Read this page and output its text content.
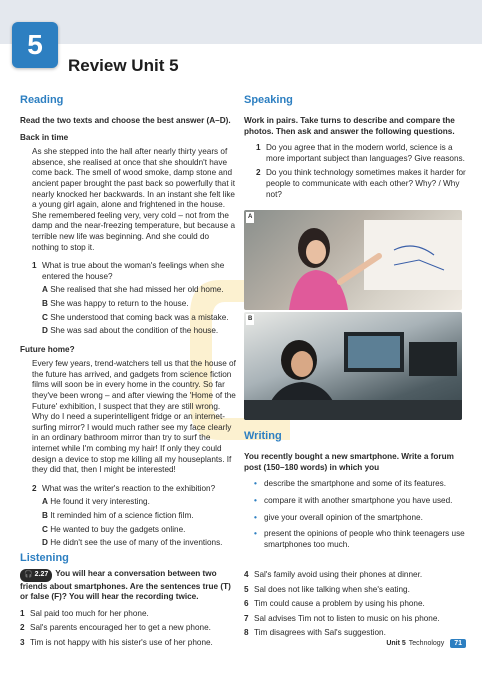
5
Review Unit 5
Reading

Read the two texts and choose the best answer (A–D).

Back in time

As she stepped into the hall after nearly thirty years of absence, she realised at once that she shouldn't have come back. The smell of wood smoke, damp stone and ancient paper brought the past back so powerfully that it nearly knocked her backwards. In an instant she felt like a young girl again, alone and frightened in the house. She remembered feeling very, very cold – not from the damp and the near-freezing temperature, but because a terrible new life was beginning. And she could do nothing to stop it.

1 What is true about the woman's feelings when she entered the house?
A She realised that she had missed her old home.
B She was happy to return to the house.
C She understood that coming back was a mistake.
D She was sad about the condition of the house.

Future home?

Every few years, trend-watchers tell us that the house of the future has arrived, and gadgets from science fiction films will soon be in every home in the country. So far they've been wrong – and after viewing the 'Home of the Future' exhibition, I suspect that they are still wrong. Why do I need a superintelligent fridge or an internet-surfing mirror? I would much rather see my face clearly in an ordinary bathroom mirror than try to surf the internet while I'm combing my hair! If only they could design a device to stop me killing all my houseplants. If they did that, then I might be interested!

2 What was the writer's reaction to the exhibition?
A He found it very interesting.
B It reminded him of a science fiction film.
C He wanted to buy the gadgets online.
D He didn't see the use of many of the inventions.
Speaking

Work in pairs. Take turns to describe and compare the photos. Then ask and answer the following questions.

1 Do you agree that in the modern world, science is a more important subject than languages? Give reasons.
2 Do you think technology sometimes makes it harder for people to communicate with each other? Why? / Why not?
A
B
Writing

You recently bought a new smartphone. Write a forum post (150–180 words) in which you

• describe the smartphone and some of its features.
• compare it with another smartphone you have used.
• give your overall opinion of the smartphone.
• present the opinions of people who think teenagers use smartphones too much.
Listening

🎧 2.27 You will hear a conversation between two friends about smartphones. Are the sentences true (T) or false (F)? You will hear the recording twice.

1 Sal paid too much for her phone.
2 Sal's parents encouraged her to get a new phone.
3 Tim is not happy with his sister's use of her phone.
4 Sal's family avoid using their phones at dinner.
5 Sal does not like talking when she's eating.
6 Tim could cause a problem by using his phone.
7 Sal advises Tim not to listen to music on his phone.
8 Tim disagrees with Sal's suggestion.
Unit 5 Technology	71
